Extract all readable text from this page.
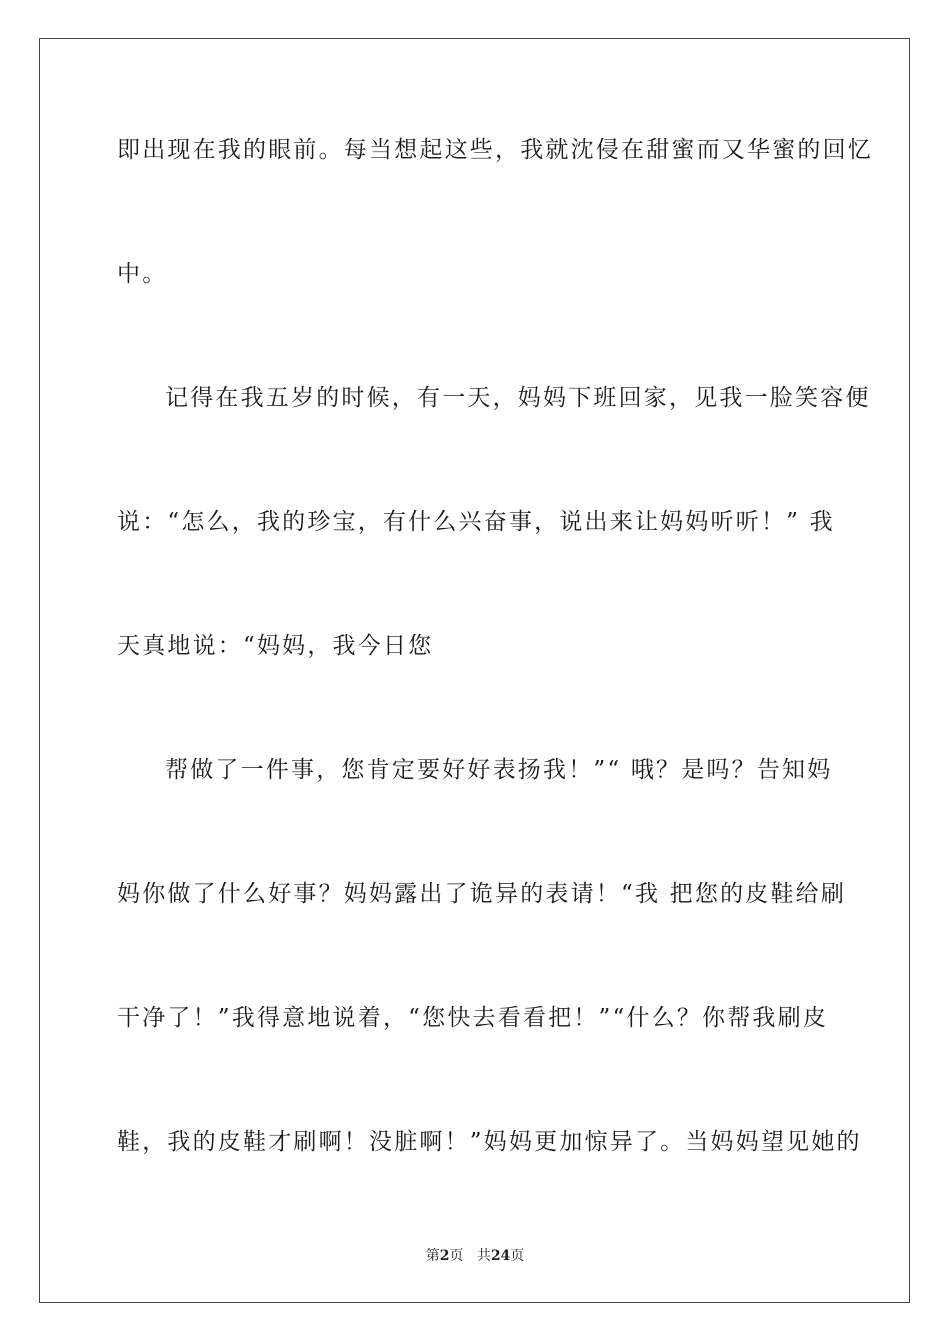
即出现在我的眼前。每当想起这些，我就沈侵在甜蜜而又华蜜的回忆
中。
记得在我五岁的时候，有一天，妈妈下班回家，见我一脸笑容便
说：“怎么，我的珍宝，有什么兴奋事，说出来让妈妈听听！” 我
天真地说：“妈妈，我今日您
帮做了一件事，您肯定要好好表扬我！”“ 哦？是吗？告知妈
妈你做了什么好事？妈妈露出了诡异的表请！“我 把您的皮鞋给刷
干净了！”我得意地说着，“您快去看看把！”“什么？你帮我刷皮
鞋，我的皮鞋才刷啊！没脏啊！”妈妈更加惊异了。当妈妈望见她的
第2页 共24页
